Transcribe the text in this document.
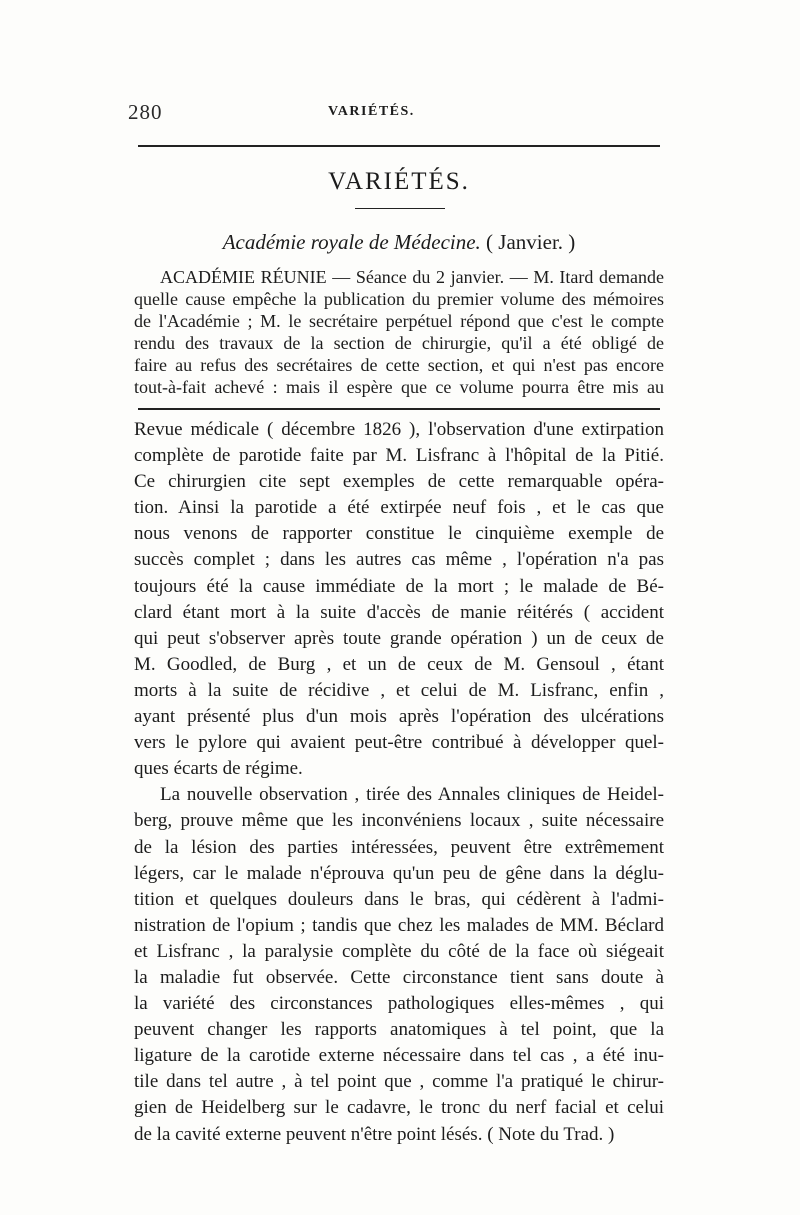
280	VARIÉTÉS.
VARIÉTÉS.
Académie royale de Médecine. ( Janvier. )
ACADÉMIE RÉUNIE — Séance du 2 janvier. — M. Itard demande
quelle cause empêche la publication du premier volume des mémoires
de l'Académie ; M. le secrétaire perpétuel répond que c'est le compte
rendu des travaux de la section de chirurgie, qu'il a été obligé de
faire au refus des secrétaires de cette section, et qui n'est pas encore
tout-à-fait achevé : mais il espère que ce volume pourra être mis au
Revue médicale ( décembre 1826 ), l'observation d'une extirpation
complète de parotide faite par M. Lisfranc à l'hôpital de la Pitié.
Ce chirurgien cite sept exemples de cette remarquable opéra-
tion. Ainsi la parotide a été extirpée neuf fois , et le cas que
nous venons de rapporter constitue le cinquième exemple de
succès complet ; dans les autres cas même , l'opération n'a pas
toujours été la cause immédiate de la mort ; le malade de Bé-
clard étant mort à la suite d'accès de manie réitérés ( accident
qui peut s'observer après toute grande opération ) un de ceux de
M. Goodled, de Burg , et un de ceux de M. Gensoul , étant
morts à la suite de récidive , et celui de M. Lisfranc, enfin ,
ayant présenté plus d'un mois après l'opération des ulcérations
vers le pylore qui avaient peut-être contribué à développer quel-
ques écarts de régime.
La nouvelle observation , tirée des Annales cliniques de Heidel-
berg, prouve même que les inconvéniens locaux , suite nécessaire
de la lésion des parties intéressées, peuvent être extrêmement
légers, car le malade n'éprouva qu'un peu de gêne dans la déglu-
tition et quelques douleurs dans le bras, qui cédèrent à l'admi-
nistration de l'opium ; tandis que chez les malades de MM. Béclard
et Lisfranc , la paralysie complète du côté de la face où siégeait
la maladie fut observée. Cette circonstance tient sans doute à
la variété des circonstances pathologiques elles-mêmes , qui
peuvent changer les rapports anatomiques à tel point, que la
ligature de la carotide externe nécessaire dans tel cas , a été inu-
tile dans tel autre , à tel point que , comme l'a pratiqué le chirur-
gien de Heidelberg sur le cadavre, le tronc du nerf facial et celui
de la cavité externe peuvent n'être point lésés. ( Note du Trad. )
